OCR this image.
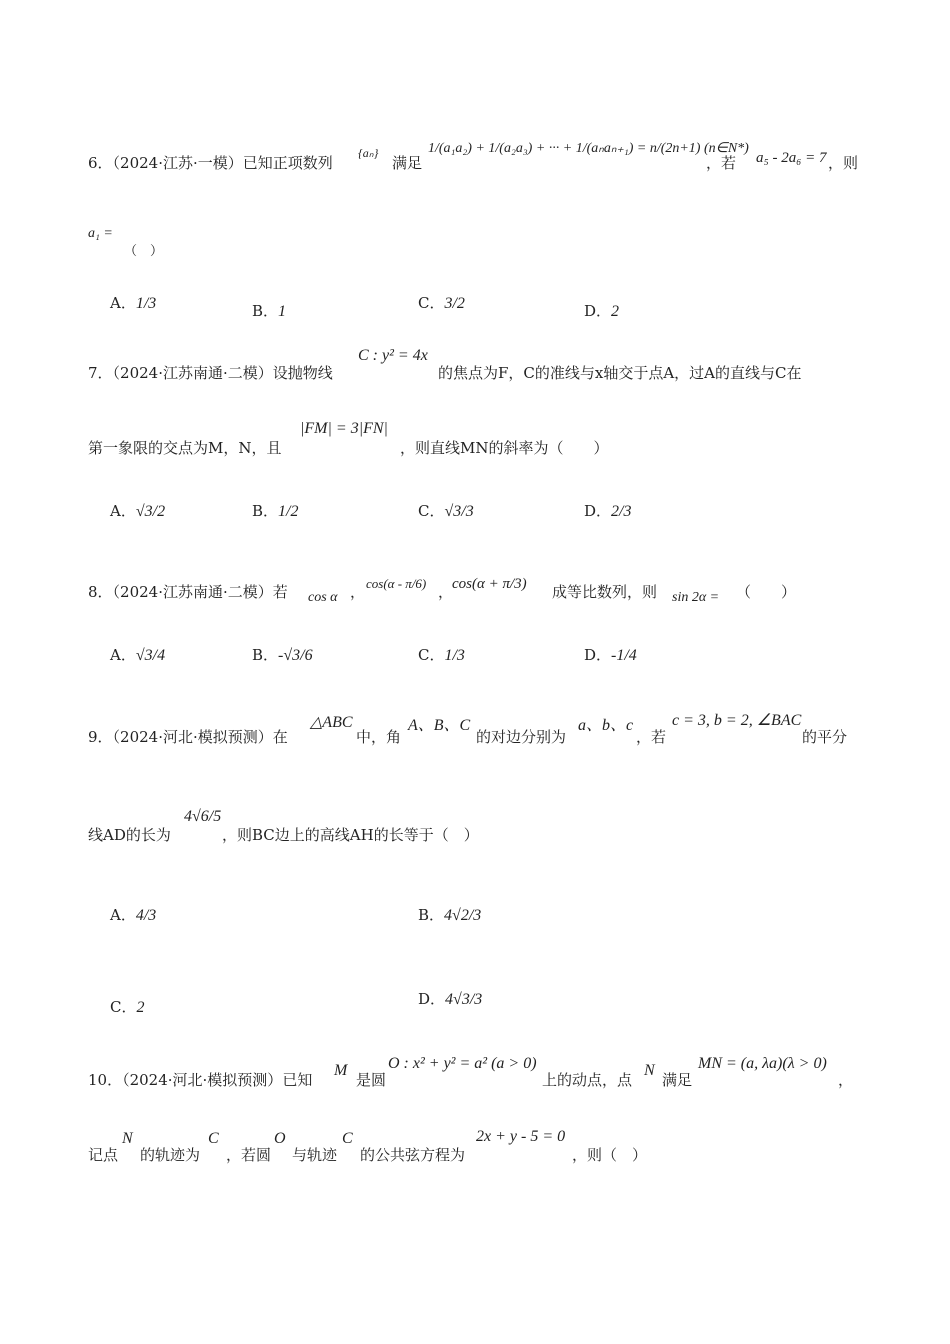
6．（2024·江苏·一模）已知正项数列
{aₙ}
满足
1/(a₁a₂) + 1/(a₂a₃) + ··· + 1/(aₙaₙ₊₁) = n/(2n+1) (n∈N*)
，若 a₅ - 2a₆ = 7 ，则
a₁ =
（　）
A．1/3	B．1	C．3/2	D．2
7．（2024·江苏南通·二模）设抛物线
C : y² = 4x
的焦点为F，C的准线与x轴交于点A，过A的直线与C在
第一象限的交点为M，N，且
|FM| = 3|FN|
，则直线MN的斜率为（　　）
A．√3/2	B．1/2	C．√3/3	D．2/3
8．（2024·江苏南通·二模）若 cos α ， cos(α - π/6) ，
cos(α + π/3) 成等比数列，则 sin 2α = （　　）
A．√3/4	B．-√3/6	C．1/3	D．-1/4
9．（2024·河北·模拟预测）在
△ABC
中，角
A、B、C
的对边分别为
a、b、c
，若
c = 3, b = 2, ∠BAC
的平分
线AD的长为
4√6/5
，则BC边上的高线AH的长等于（　）
A．4/3	B．4√2/3
C．2	D．4√3/3
10．（2024·河北·模拟预测）已知
M
是圆
O : x² + y² = a² (a > 0)
上的动点，点
N
满足
MN = (a, λa)(λ > 0)
，
记点
N
的轨迹为
C
，若圆
O
与轨迹
C
的公共弦方程为
2x + y - 5 = 0
，则（　）
